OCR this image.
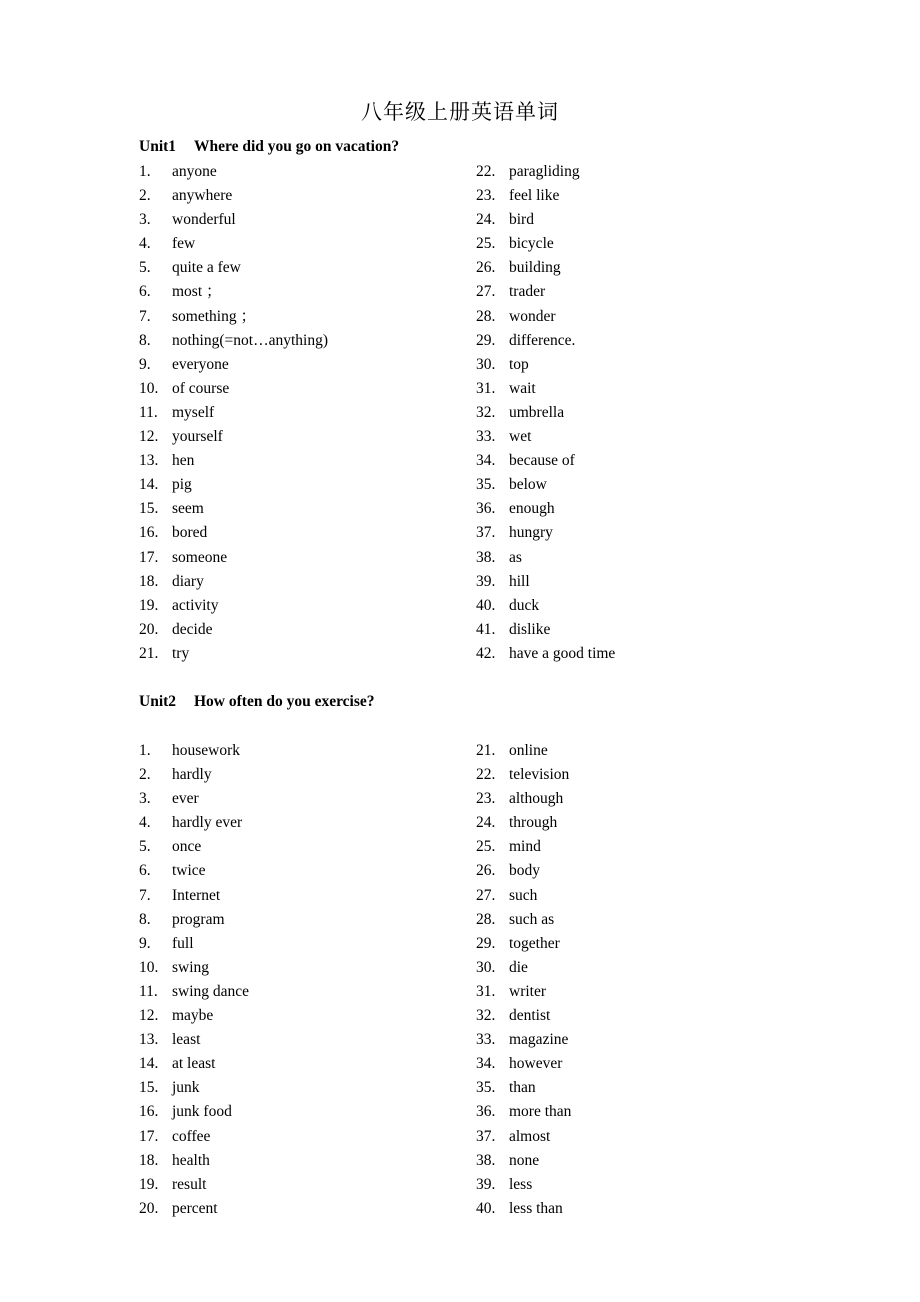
八年级上册英语单词
Unit1 Where did you go on vacation?
1. anyone
2. anywhere
3. wonderful
4. few
5. quite a few
6. most ；
7. something ；
8. nothing(=not…anything)
9. everyone
10. of course
11. myself
12. yourself
13. hen
14. pig
15. seem
16. bored
17. someone
18. diary
19. activity
20. decide
21. try
22. paragliding
23. feel like
24. bird
25. bicycle
26. building
27. trader
28. wonder
29. difference.
30. top
31. wait
32. umbrella
33. wet
34. because of
35. below
36. enough
37. hungry
38. as
39. hill
40. duck
41. dislike
42. have a good time
Unit2 How often do you exercise?
1. housework
2. hardly
3. ever
4. hardly ever
5. once
6. twice
7. Internet
8. program
9. full
10. swing
11. swing dance
12. maybe
13. least
14. at least
15. junk
16. junk food
17. coffee
18. health
19. result
20. percent
21. online
22. television
23. although
24. through
25. mind
26. body
27. such
28. such as
29. together
30. die
31. writer
32. dentist
33. magazine
34. however
35. than
36. more than
37. almost
38. none
39. less
40. less than
